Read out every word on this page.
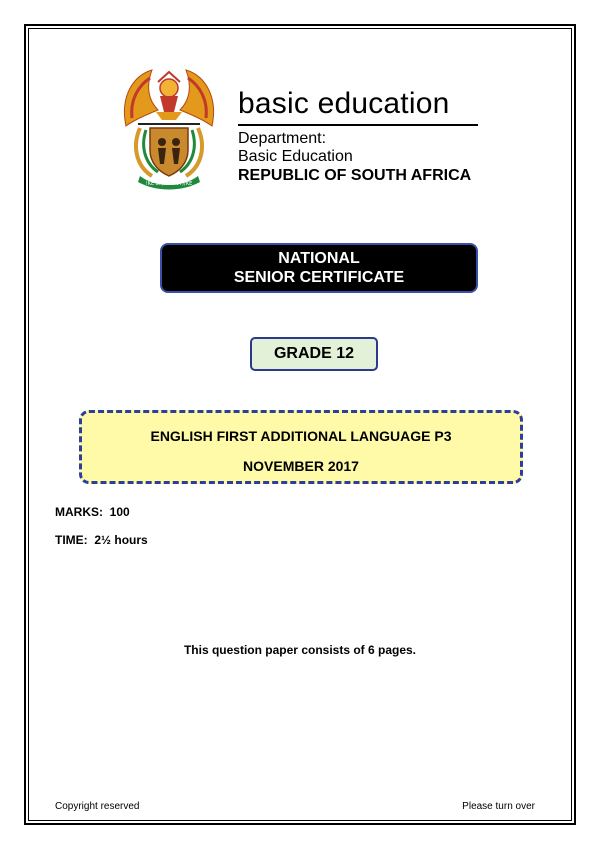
!KE E: /XARRA //KE
basic education
Department:
Basic Education
REPUBLIC OF SOUTH AFRICA
NATIONAL
SENIOR CERTIFICATE
GRADE 12
ENGLISH FIRST ADDITIONAL LANGUAGE P3
NOVEMBER 2017
MARKS: 100
TIME: 2½ hours
This question paper consists of 6 pages.
Copyright reserved	Please turn over
